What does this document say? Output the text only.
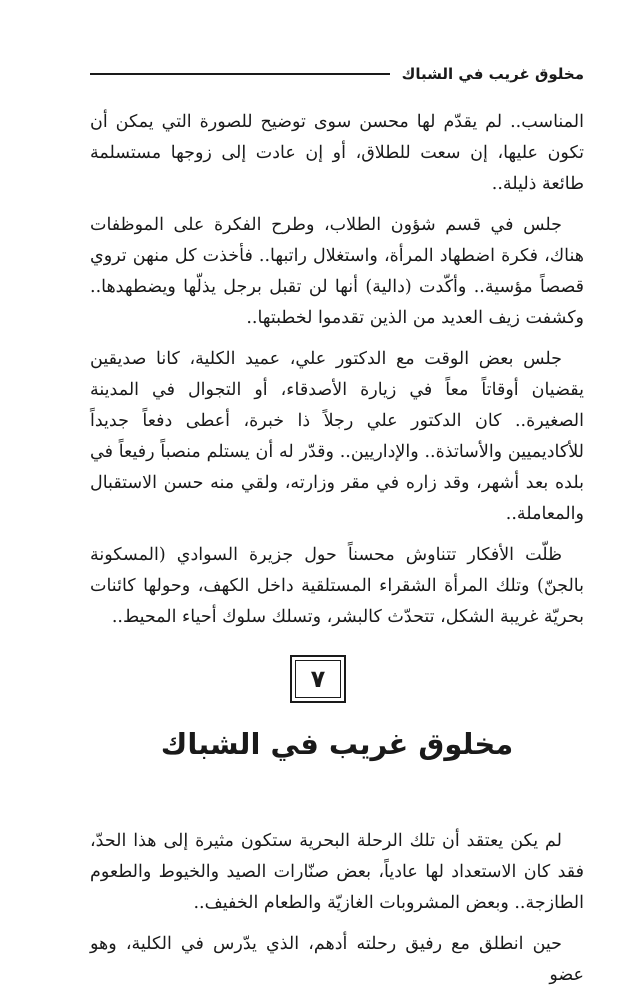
مخلوق غريب في الشباك

المناسب.. لم يقدّم لها محسن سوى توضيح للصورة التي يمكن أن تكون عليها، إن سعت للطلاق، أو إن عادت إلى زوجها مستسلمة طائعة ذليلة..

جلس في قسم شؤون الطلاب، وطرح الفكرة على الموظفات هناك، فكرة اضطهاد المرأة، واستغلال راتبها.. فأخذت كل منهن تروي قصصاً مؤسية.. وأكّدت (دالية) أنها لن تقبل برجل يذلّها ويضطهدها.. وكشفت زيف العديد من الذين تقدموا لخطبتها..

جلس بعض الوقت مع الدكتور علي، عميد الكلية، كانا صديقين يقضيان أوقاتاً معاً في زيارة الأصدقاء، أو التجوال في المدينة الصغيرة.. كان الدكتور علي رجلاً ذا خبرة، أعطى دفعاً جديداً للأكاديميين والأساتذة.. والإداريين.. وقدّر له أن يستلم منصباً رفيعاً في بلده بعد أشهر، وقد زاره في مقر وزارته، ولقي منه حسن الاستقبال والمعاملة..

ظلّت الأفكار تتناوش محسناً حول جزيرة السوادي (المسكونة بالجنّ) وتلك المرأة الشقراء المستلقية داخل الكهف، وحولها كائنات بحريّة غريبة الشكل، تتحدّث كالبشر، وتسلك سلوك أحياء المحيط..

٧
مخلوق غريب في الشباك

لم يكن يعتقد أن تلك الرحلة البحرية ستكون مثيرة إلى هذا الحدّ، فقد كان الاستعداد لها عادياً، بعض صنّارات الصيد والخيوط والطعوم الطازجة.. وبعض المشروبات الغازيّة والطعام الخفيف..

حين انطلق مع رفيق رحلته أدهم، الذي يدّرس في الكلية، وهو عضو
